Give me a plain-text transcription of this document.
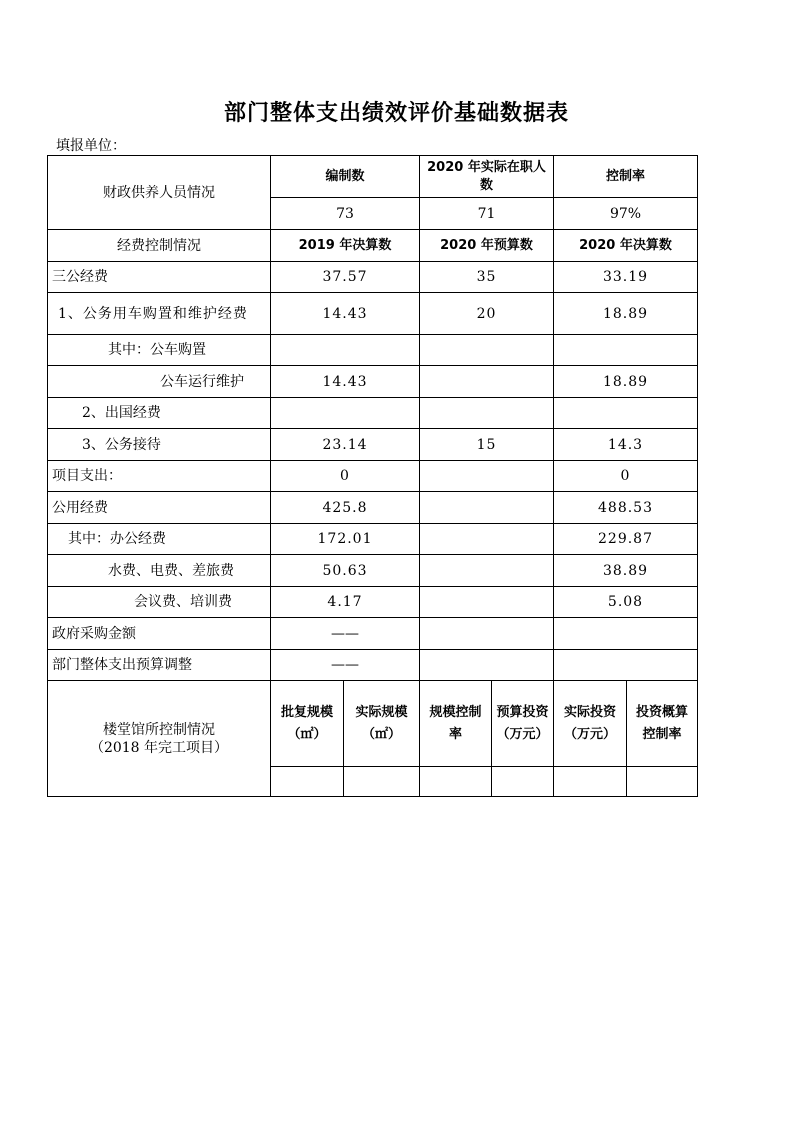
部门整体支出绩效评价基础数据表
填报单位：
财政供养人员情况	编制数		2020 年实际在职人数		控制率	
	73		71		97%	
经费控制情况	2019 年决算数		2020 年预算数		2020 年决算数	
三公经费	37.57		35		33.19	
1、公务用车购置和维护经费	14.43		20		18.89	
其中：公车购置						
公车运行维护	14.43				18.89	
2、出国经费						
3、公务接待	23.14		15		14.3	
项目支出：	0				0	
公用经费	425.8				488.53	
其中：办公经费	172.01				229.87	
水费、电费、差旅费	50.63				38.89	
会议费、培训费	4.17				5.08	
政府采购金额	——					
部门整体支出预算调整	——					

楼堂馆所控制情况
（2018 年完工项目）	批复规模（㎡）	实际规模（㎡）	规模控制率	预算投资（万元）	实际投资（万元）	投资概算控制率
